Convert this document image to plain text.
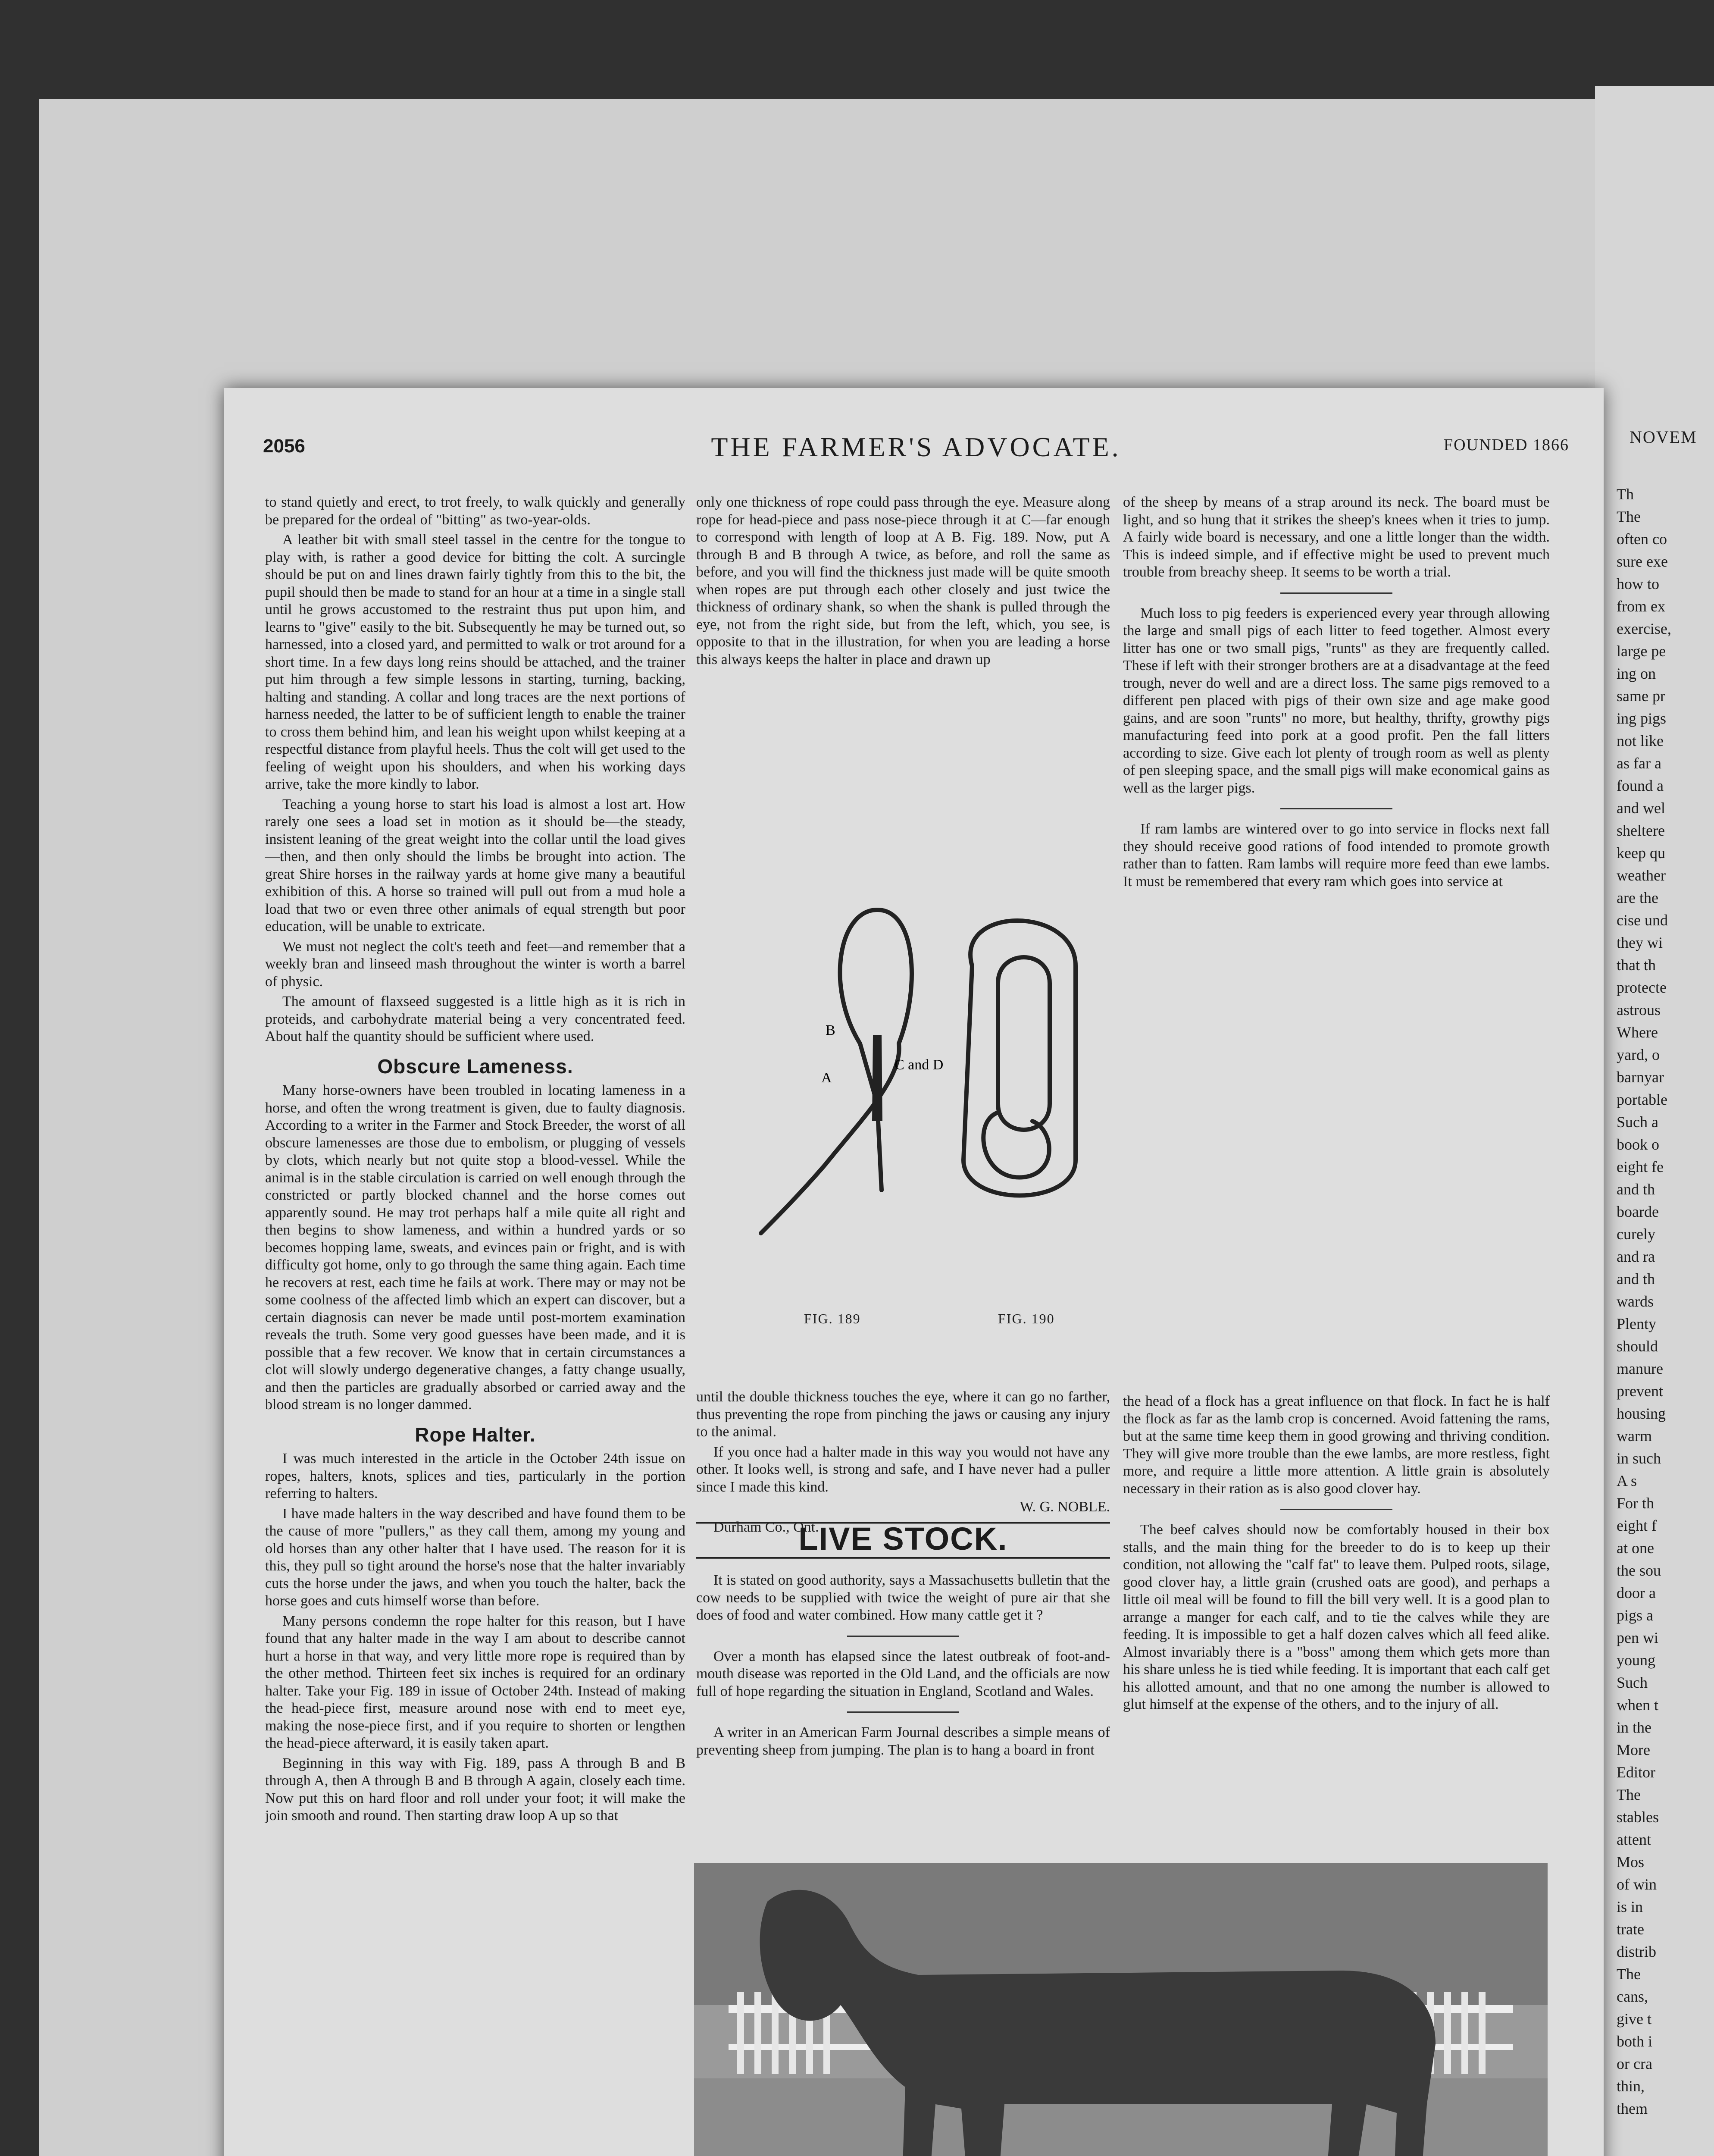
NOVEM
Th
The
often co
sure exe
how to
from ex
exercise,
large pe
ing on
same pr
ing pigs
not like
as far a
found a
and wel
sheltere
keep qu
weather
are the
cise und
they wi
that th
protecte
astrous
Where
yard, o
barnyar
portable
Such a
book o
eight fe
and th
boarde
curely
and ra
and th
wards
Plenty
should
manure
prevent
housing
warm
in such
A s
For th
eight f
at one
the sou
door a
pigs a
pen wi
young
Such
when t
in the
More
Editor
The
stables
attent
Mos
of win
is in
trate
distrib
The
cans,
give t
both i
or cra
thin,
them
2056	THE FARMER'S ADVOCATE.	FOUNDED 1866

to stand quietly and erect, to trot freely, to walk quickly and generally be prepared for the ordeal of "bitting" as two-year-olds.

A leather bit with small steel tassel in the centre for the tongue to play with, is rather a good device for bitting the colt. A surcingle should be put on and lines drawn fairly tightly from this to the bit, the pupil should then be made to stand for an hour at a time in a single stall until he grows accustomed to the restraint thus put upon him, and learns to "give" easily to the bit. Subsequently he may be turned out, so harnessed, into a closed yard, and permitted to walk or trot around for a short time. In a few days long reins should be attached, and the trainer put him through a few simple lessons in starting, turning, backing, halting and standing. A collar and long traces are the next portions of harness needed, the latter to be of sufficient length to enable the trainer to cross them behind him, and lean his weight upon whilst keeping at a respectful distance from playful heels. Thus the colt will get used to the feeling of weight upon his shoulders, and when his working days arrive, take the more kindly to labor.

Teaching a young horse to start his load is almost a lost art. How rarely one sees a load set in motion as it should be—the steady, insistent leaning of the great weight into the collar until the load gives—then, and then only should the limbs be brought into action. The great Shire horses in the railway yards at home give many a beautiful exhibition of this. A horse so trained will pull out from a mud hole a load that two or even three other animals of equal strength but poor education, will be unable to extricate.

We must not neglect the colt's teeth and feet—and remember that a weekly bran and linseed mash throughout the winter is worth a barrel of physic.

The amount of flaxseed suggested is a little high as it is rich in proteids, and carbohydrate material being a very concentrated feed. About half the quantity should be sufficient where used.

Obscure Lameness.

Many horse-owners have been troubled in locating lameness in a horse, and often the wrong treatment is given, due to faulty diagnosis. According to a writer in the Farmer and Stock Breeder, the worst of all obscure lamenesses are those due to embolism, or plugging of vessels by clots, which nearly but not quite stop a blood-vessel. While the animal is in the stable circulation is carried on well enough through the constricted or partly blocked channel and the horse comes out apparently sound. He may trot perhaps half a mile quite all right and then begins to show lameness, and within a hundred yards or so becomes hopping lame, sweats, and evinces pain or fright, and is with difficulty got home, only to go through the same thing again. Each time he recovers at rest, each time he fails at work. There may or may not be some coolness of the affected limb which an expert can discover, but a certain diagnosis can never be made until post-mortem examination reveals the truth. Some very good guesses have been made, and it is possible that a few recover. We know that in certain circumstances a clot will slowly undergo degenerative changes, a fatty change usually, and then the particles are gradually absorbed or carried away and the blood stream is no longer dammed.

Rope Halter.

I was much interested in the article in the October 24th issue on ropes, halters, knots, splices and ties, particularly in the portion referring to halters.

I have made halters in the way described and have found them to be the cause of more "pullers," as they call them, among my young and old horses than any other halter that I have used. The reason for it is this, they pull so tight around the horse's nose that the halter invariably cuts the horse under the jaws, and when you touch the halter, back the horse goes and cuts himself worse than before.

Many persons condemn the rope halter for this reason, but I have found that any halter made in the way I am about to describe cannot hurt a horse in that way, and very little more rope is required than by the other method. Thirteen feet six inches is required for an ordinary halter. Take your Fig. 189 in issue of October 24th. Instead of making the head-piece first, measure around nose with end to meet eye, making the nose-piece first, and if you require to shorten or lengthen the head-piece afterward, it is easily taken apart.

Beginning in this way with Fig. 189, pass A through B and B through A, then A through B and B through A again, closely each time. Now put this on hard floor and roll under your foot; it will make the join smooth and round. Then starting draw loop A up so that

only one thickness of rope could pass through the eye. Measure along rope for head-piece and pass nose-piece through it at C—far enough to correspond with length of loop at A B. Fig. 189. Now, put A through B and B through A twice, as before, and roll the same as before, and you will find the thickness just made will be quite smooth when ropes are put through each other closely and just twice the thickness of ordinary shank, so when the shank is pulled through the eye, not from the right side, but from the left, which, you see, is opposite to that in the illustration, for when you are leading a horse this always keeps the halter in place and drawn up

B
A
C and D
FIG. 189	FIG. 190

of the sheep by means of a strap around its neck. The board must be light, and so hung that it strikes the sheep's knees when it tries to jump. A fairly wide board is necessary, and one a little longer than the width. This is indeed simple, and if effective might be used to prevent much trouble from breachy sheep. It seems to be worth a trial.

Much loss to pig feeders is experienced every year through allowing the large and small pigs of each litter to feed together. Almost every litter has one or two small pigs, "runts" as they are frequently called. These if left with their stronger brothers are at a disadvantage at the feed trough, never do well and are a direct loss. The same pigs removed to a different pen placed with pigs of their own size and age make good gains, and are soon "runts" no more, but healthy, thrifty, growthy pigs manufacturing feed into pork at a good profit. Pen the fall litters according to size. Give each lot plenty of trough room as well as plenty of pen sleeping space, and the small pigs will make economical gains as well as the larger pigs.

If ram lambs are wintered over to go into service in flocks next fall they should receive good rations of food intended to promote growth rather than to fatten. Ram lambs will require more feed than ewe lambs. It must be remembered that every ram which goes into service at

until the double thickness touches the eye, where it can go no farther, thus preventing the rope from pinching the jaws or causing any injury to the animal.

If you once had a halter made in this way you would not have any other. It looks well, is strong and safe, and I have never had a puller since I made this kind.

W. G. NOBLE.

Durham Co., Ont.

LIVE STOCK.

It is stated on good authority, says a Massachusetts bulletin that the cow needs to be supplied with twice the weight of pure air that she does of food and water combined. How many cattle get it ?

Over a month has elapsed since the latest outbreak of foot-and-mouth disease was reported in the Old Land, and the officials are now full of hope regarding the situation in England, Scotland and Wales.

A writer in an American Farm Journal describes a simple means of preventing sheep from jumping. The plan is to hang a board in front

the head of a flock has a great influence on that flock. In fact he is half the flock as far as the lamb crop is concerned. Avoid fattening the rams, but at the same time keep them in good growing and thriving condition. They will give more trouble than the ewe lambs, are more restless, fight more, and require a little more attention. A little grain is absolutely necessary in their ration as is also good clover hay.

The beef calves should now be comfortably housed in their box stalls, and the main thing for the breeder to do is to keep up their condition, not allowing the "calf fat" to leave them. Pulped roots, silage, good clover hay, a little grain (crushed oats are good), and perhaps a little oil meal will be found to fill the bill very well. It is a good plan to arrange a manger for each calf, and to tie the calves while they are feeding. It is impossible to get a half dozen calves which all feed alike. Almost invariably there is a "boss" among them which gets more than his share unless he is tied while feeding. It is important that each calf get his allotted amount, and that no one among the number is allowed to glut himself at the expense of the others, and to the injury of all.
